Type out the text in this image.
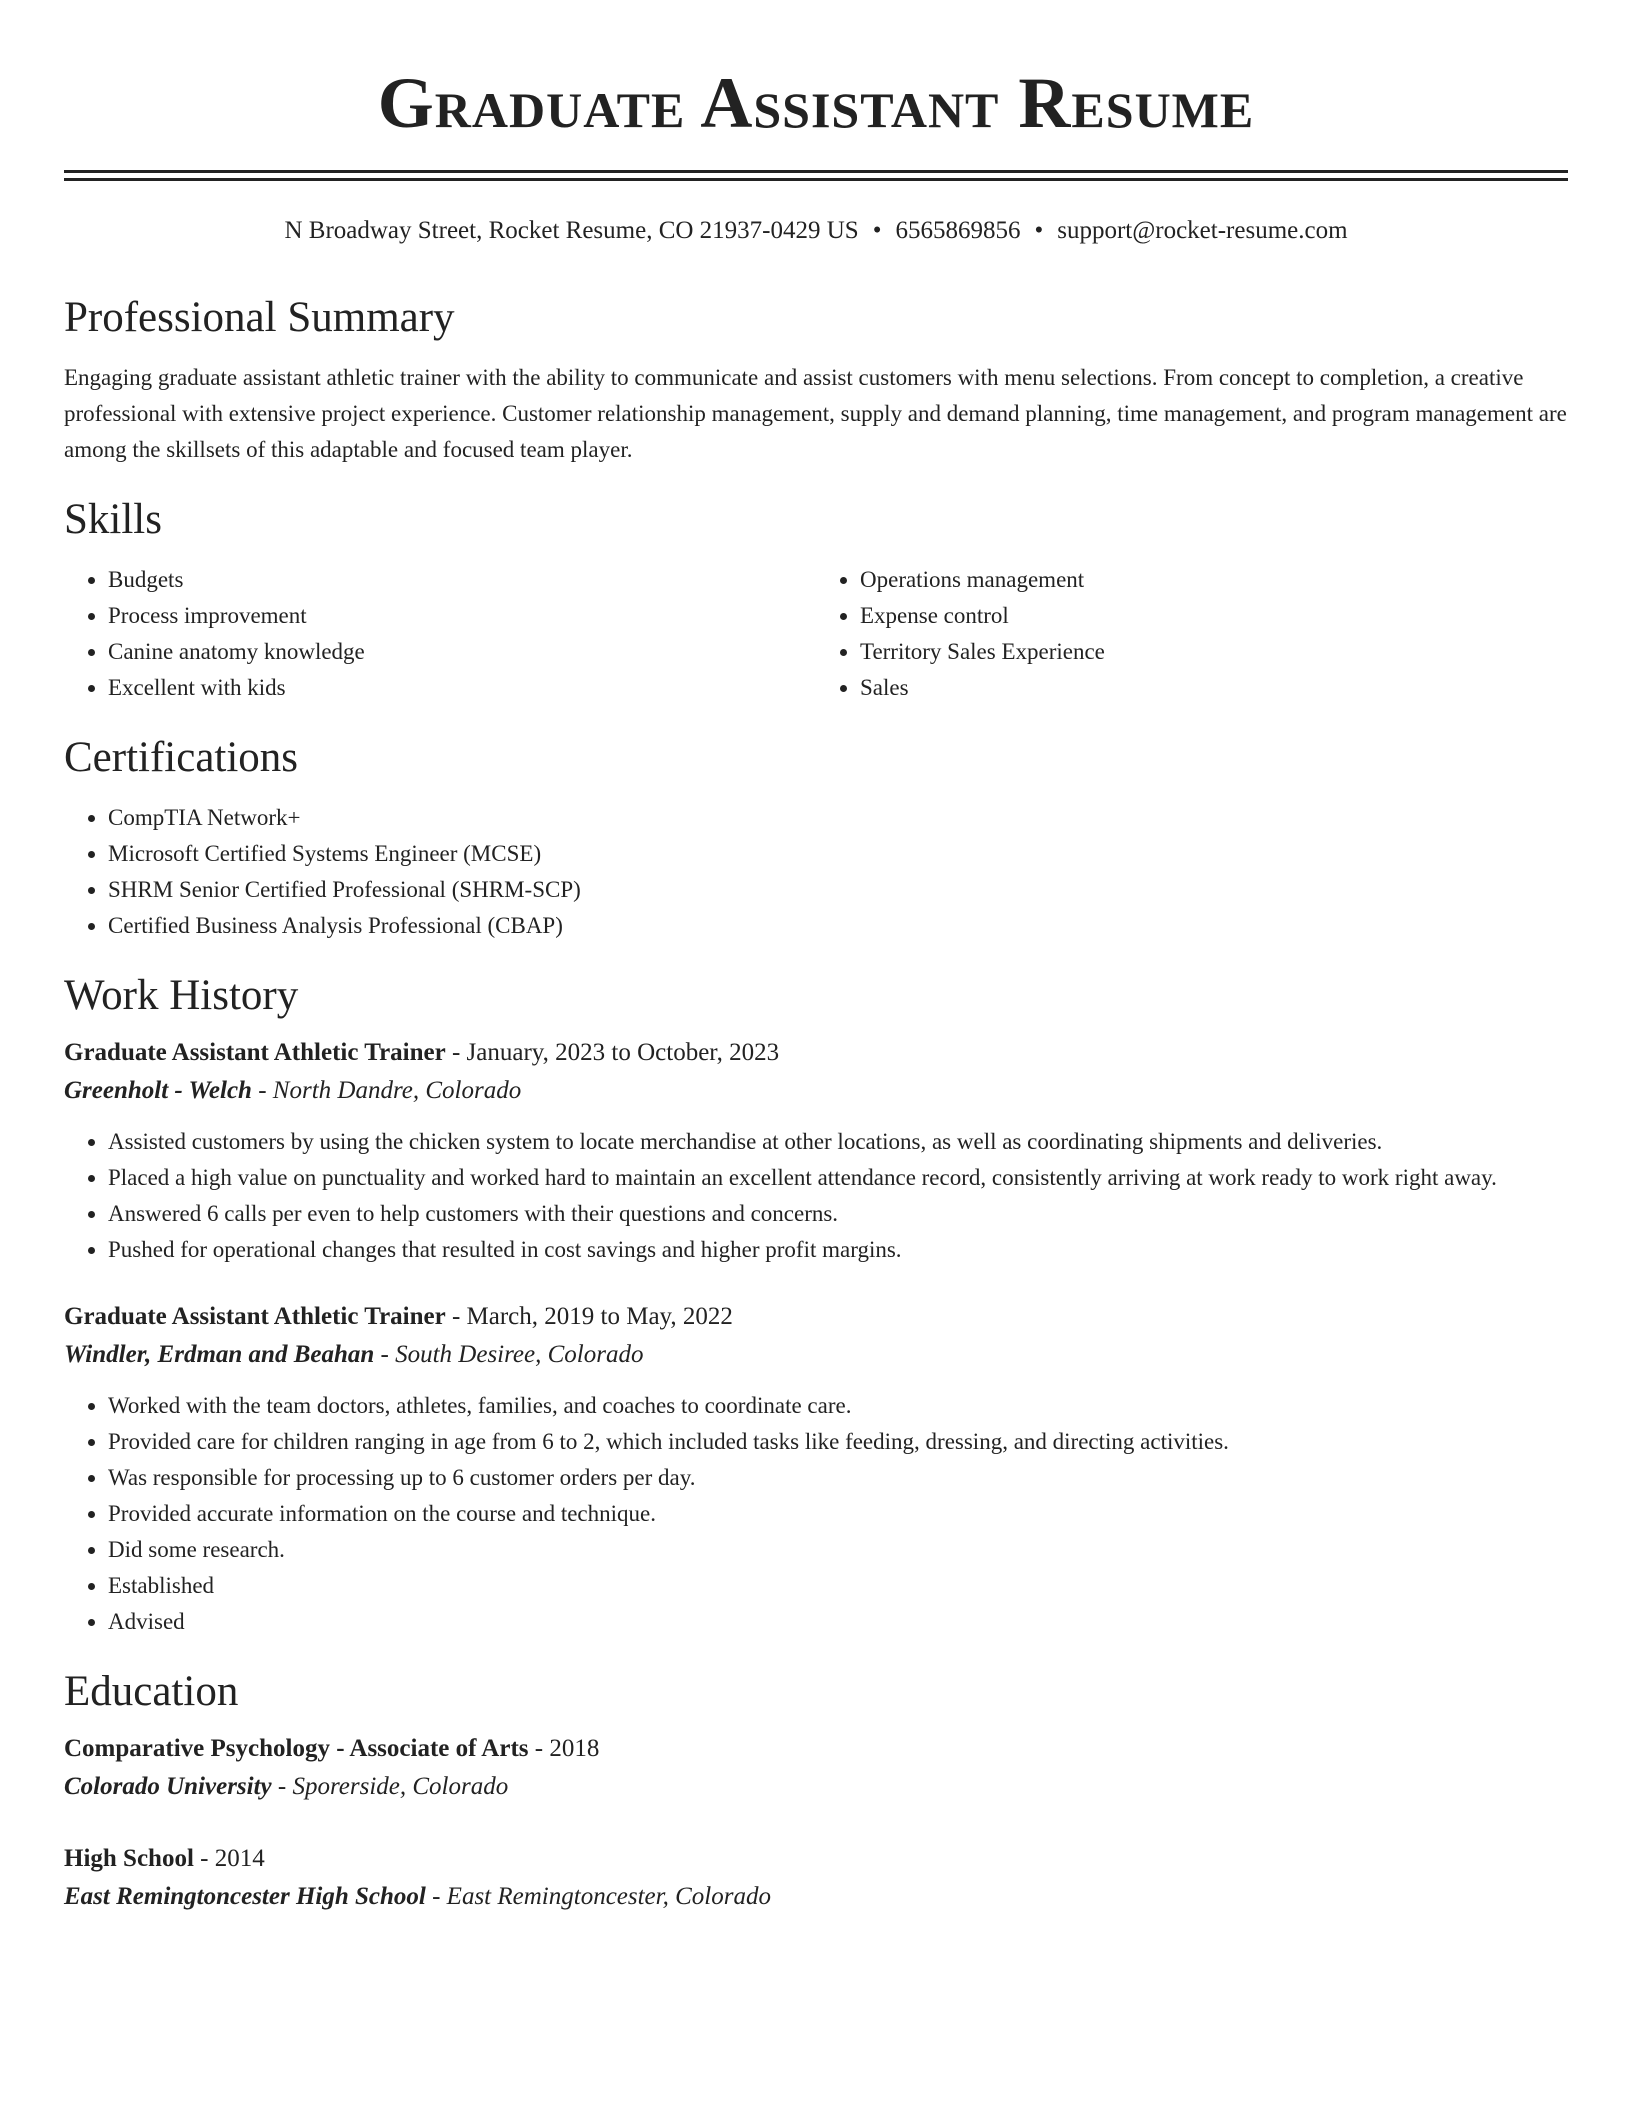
Graduate Assistant Resume
N Broadway Street, Rocket Resume, CO 21937-0429 US • 6565869856 • support@rocket-resume.com
Professional Summary

Engaging graduate assistant athletic trainer with the ability to communicate and assist customers with menu selections. From concept to completion, a creative professional with extensive project experience. Customer relationship management, supply and demand planning, time management, and program management are among the skillsets of this adaptable and focused team player.

Skills
• Budgets
• Process improvement
• Canine anatomy knowledge
• Excellent with kids
• Operations management
• Expense control
• Territory Sales Experience
• Sales
Certifications
• CompTIA Network+
• Microsoft Certified Systems Engineer (MCSE)
• SHRM Senior Certified Professional (SHRM-SCP)
• Certified Business Analysis Professional (CBAP)
Work History
Graduate Assistant Athletic Trainer - January, 2023 to October, 2023
Greenholt - Welch - North Dandre, Colorado
• Assisted customers by using the chicken system to locate merchandise at other locations, as well as coordinating shipments and deliveries.
• Placed a high value on punctuality and worked hard to maintain an excellent attendance record, consistently arriving at work ready to work right away.
• Answered 6 calls per even to help customers with their questions and concerns.
• Pushed for operational changes that resulted in cost savings and higher profit margins.
Graduate Assistant Athletic Trainer - March, 2019 to May, 2022
Windler, Erdman and Beahan - South Desiree, Colorado
• Worked with the team doctors, athletes, families, and coaches to coordinate care.
• Provided care for children ranging in age from 6 to 2, which included tasks like feeding, dressing, and directing activities.
• Was responsible for processing up to 6 customer orders per day.
• Provided accurate information on the course and technique.
• Did some research.
• Established
• Advised
Education
Comparative Psychology - Associate of Arts - 2018
Colorado University - Sporerside, Colorado
High School - 2014
East Remingtoncester High School - East Remingtoncester, Colorado
